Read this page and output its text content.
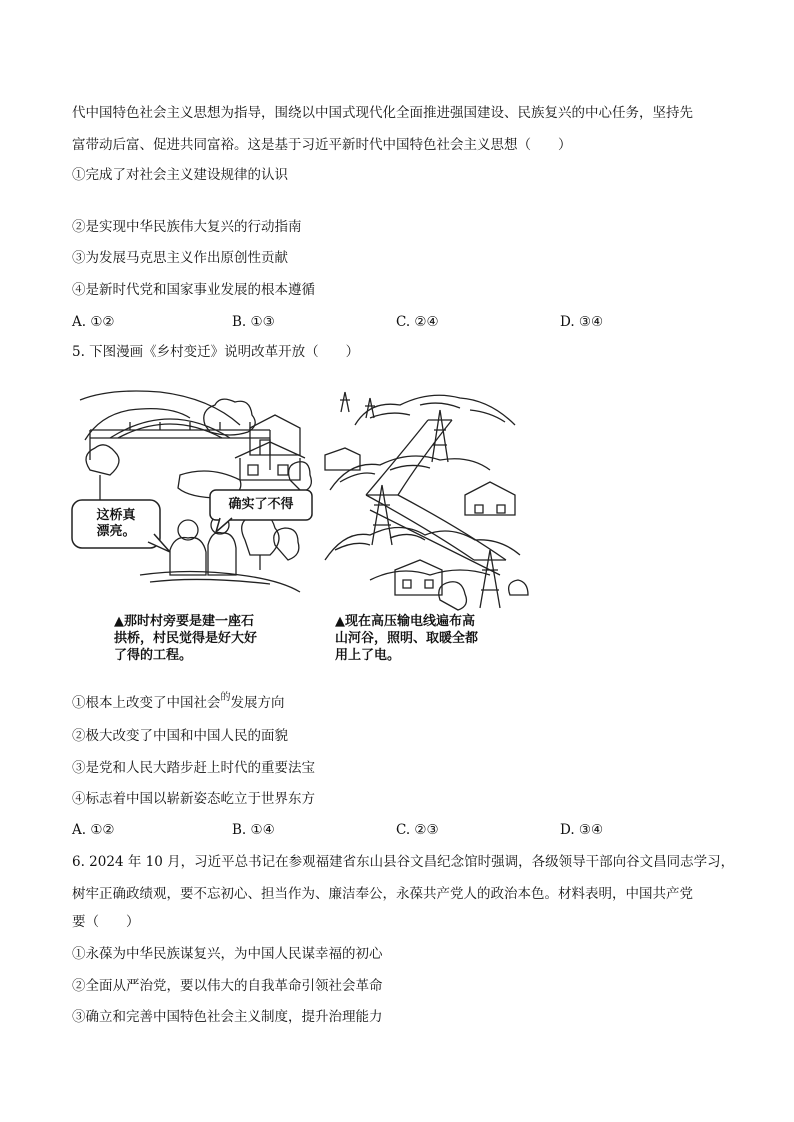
代中国特色社会主义思想为指导，围绕以中国式现代化全面推进强国建设、民族复兴的中心任务，坚持先
富带动后富、促进共同富裕。这是基于习近平新时代中国特色社会主义思想（　　）
①完成了对社会主义建设规律的认识
②是实现中华民族伟大复兴的行动指南
③为发展马克思主义作出原创性贡献
④是新时代党和国家事业发展的根本遵循
A. ①②	B. ①③	C. ②④	D. ③④
5. 下图漫画《乡村变迁》说明改革开放（　　）
这桥真
漂亮。
确实了不得
▲那时村旁要是建一座石
拱桥，村民觉得是好大好
了得的工程。
▲现在高压输电线遍布高
山河谷，照明、取暖全都
用上了电。
①根本上改变了中国社会$^的$发展方向
②极大改变了中国和中国人民的面貌
③是党和人民大踏步赶上时代的重要法宝
④标志着中国以崭新姿态屹立于世界东方
A. ①②	B. ①④	C. ②③	D. ③④
6. 2024 年 10 月，习近平总书记在参观福建省东山县谷文昌纪念馆时强调，各级领导干部向谷文昌同志学习，
树牢正确政绩观，要不忘初心、担当作为、廉洁奉公，永葆共产党人的政治本色。材料表明，中国共产党
要（　　）
①永葆为中华民族谋复兴，为中国人民谋幸福的初心
②全面从严治党，要以伟大的自我革命引领社会革命
③确立和完善中国特色社会主义制度，提升治理能力
